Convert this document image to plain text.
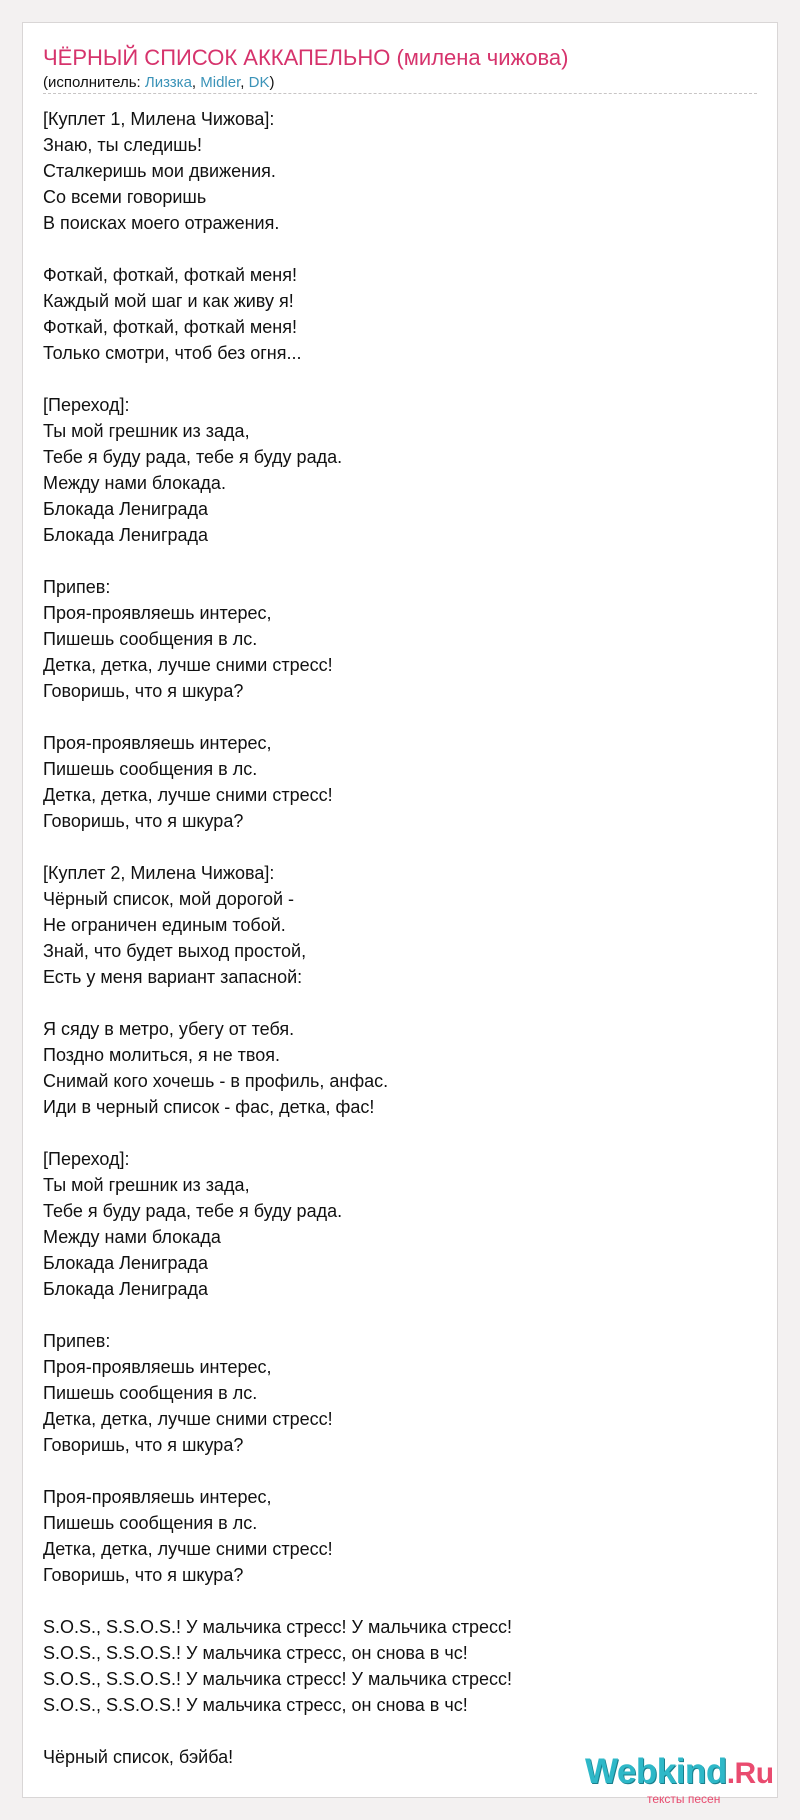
ЧЁРНЫЙ СПИСОК АККАПЕЛЬНО (милена чижова)
(исполнитель: Лиззка, Midler, DK)
[Куплет 1, Милена Чижова]:
Знаю, ты следишь!
Сталкеришь мои движения.
Со всеми говоришь
В поисках моего отражения.
Фоткай, фоткай, фоткай меня!
Каждый мой шаг и как живу я!
Фоткай, фоткай, фоткай меня!
Только смотри, чтоб без огня...
[Переход]:
Ты мой грешник из зада,
Тебе я буду рада, тебе я буду рада.
Между нами блокада.
Блокада Лениграда
Блокада Лениграда
Припев:
Проя-проявляешь интерес,
Пишешь сообщения в лс.
Детка, детка, лучше сними стресс!
Говоришь, что я шкура?
Проя-проявляешь интерес,
Пишешь сообщения в лс.
Детка, детка, лучше сними стресс!
Говоришь, что я шкура?
[Куплет 2, Милена Чижова]:
Чёрный список, мой дорогой -
Не ограничен единым тобой.
Знай, что будет выход простой,
Есть у меня вариант запасной:
Я сяду в метро, убегу от тебя.
Поздно молиться, я не твоя.
Снимай кого хочешь - в профиль, анфас.
Иди в черный список - фас, детка, фас!
[Переход]:
Ты мой грешник из зада,
Тебе я буду рада, тебе я буду рада.
Между нами блокада
Блокада Лениграда
Блокада Лениграда
Припев:
Проя-проявляешь интерес,
Пишешь сообщения в лс.
Детка, детка, лучше сними стресс!
Говоришь, что я шкура?
Проя-проявляешь интерес,
Пишешь сообщения в лс.
Детка, детка, лучше сними стресс!
Говоришь, что я шкура?
S.O.S., S.S.O.S.! У мальчика стресс! У мальчика стресс!
S.O.S., S.S.O.S.! У мальчика стресс, он снова в чс!
S.O.S., S.S.O.S.! У мальчика стресс! У мальчика стресс!
S.O.S., S.S.O.S.! У мальчика стресс, он снова в чс!
Чёрный список, бэйба!	Webkind.Ru
тексты песен
